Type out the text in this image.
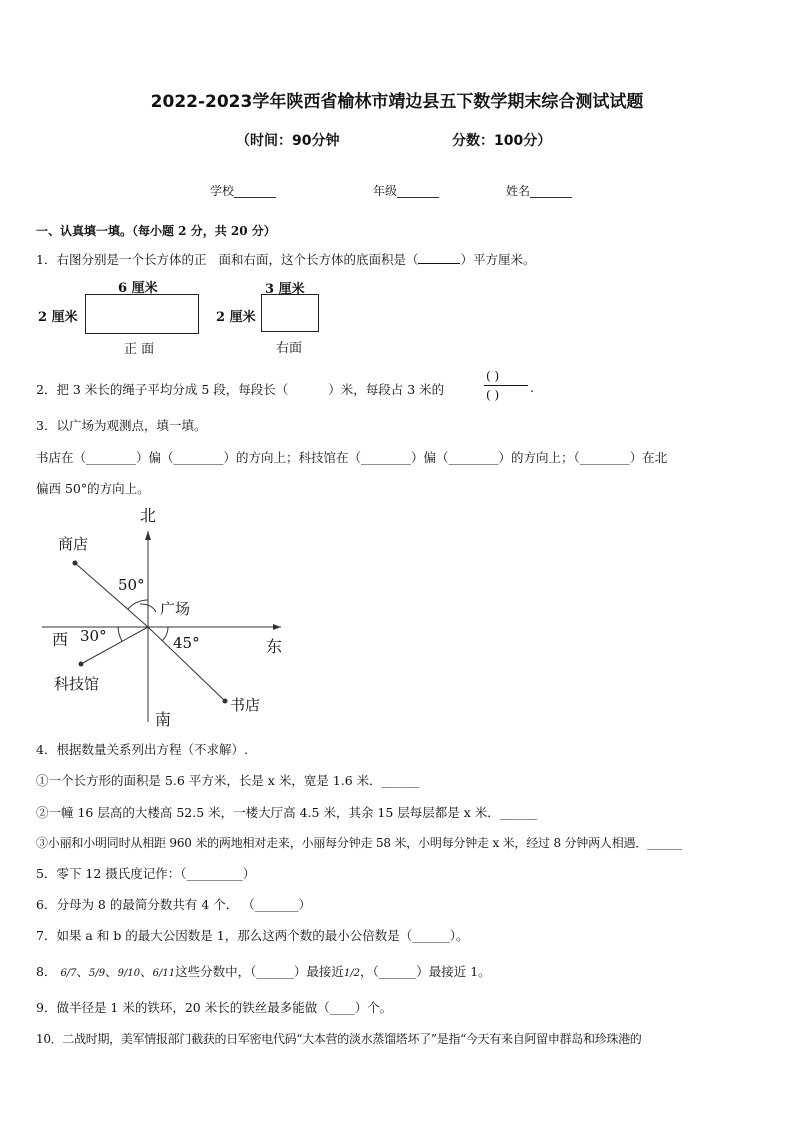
2022-2023学年陕西省榆林市靖边县五下数学期末综合测试试题
（时间：90分钟	分数：100分）
学校_______	年级_______	姓名_______
一、认真填一填。（每小题 2 分，共 20 分）
1．右图分别是一个长方体的正 面和右面，这个长方体的底面积是（	）平方厘米。
6 厘米
2 厘米
正 面
3 厘米
2 厘米
右面
2．把 3 米长的绳子平均分成 5 段，每段长（	）米，每段占 3 米的
( )
( ) .
3．以广场为观测点，填一填。
书店在（________）偏（________）的方向上；科技馆在（________）偏（________）的方向上；（________）在北
偏西 50°的方向上。
北
南
东
西
广场
商店
书店
科技馆
50°
30°	45°
4．根据数量关系列出方程（不求解）.
①一个长方形的面积是 5.6 平方米，长是 x 米，宽是 1.6 米．______
②一幢 16 层高的大楼高 52.5 米，一楼大厅高 4.5 米，其余 15 层每层都是 x 米．______
③小丽和小明同时从相距 960 米的两地相对走来，小丽每分钟走 58 米，小明每分钟走 x 米，经过 8 分钟两人相遇．______
5．零下 12 摄氏度记作：（_________）
6．分母为 8 的最简分数共有 4 个． （_______）
7．如果 a 和 b 的最大公因数是 1，那么这两个数的最小公倍数是（______）。
8． 6/7、5/9、9/10、6/11这些分数中，（______）最接近1/2，（______）最接近 1。
9．做半径是 1 米的铁环，20 米长的铁丝最多能做（____）个。
10．二战时期，美军情报部门截获的日军密电代码“大本营的淡水蒸馏塔坏了”是指“今天有来自阿留申群岛和珍珠港的
